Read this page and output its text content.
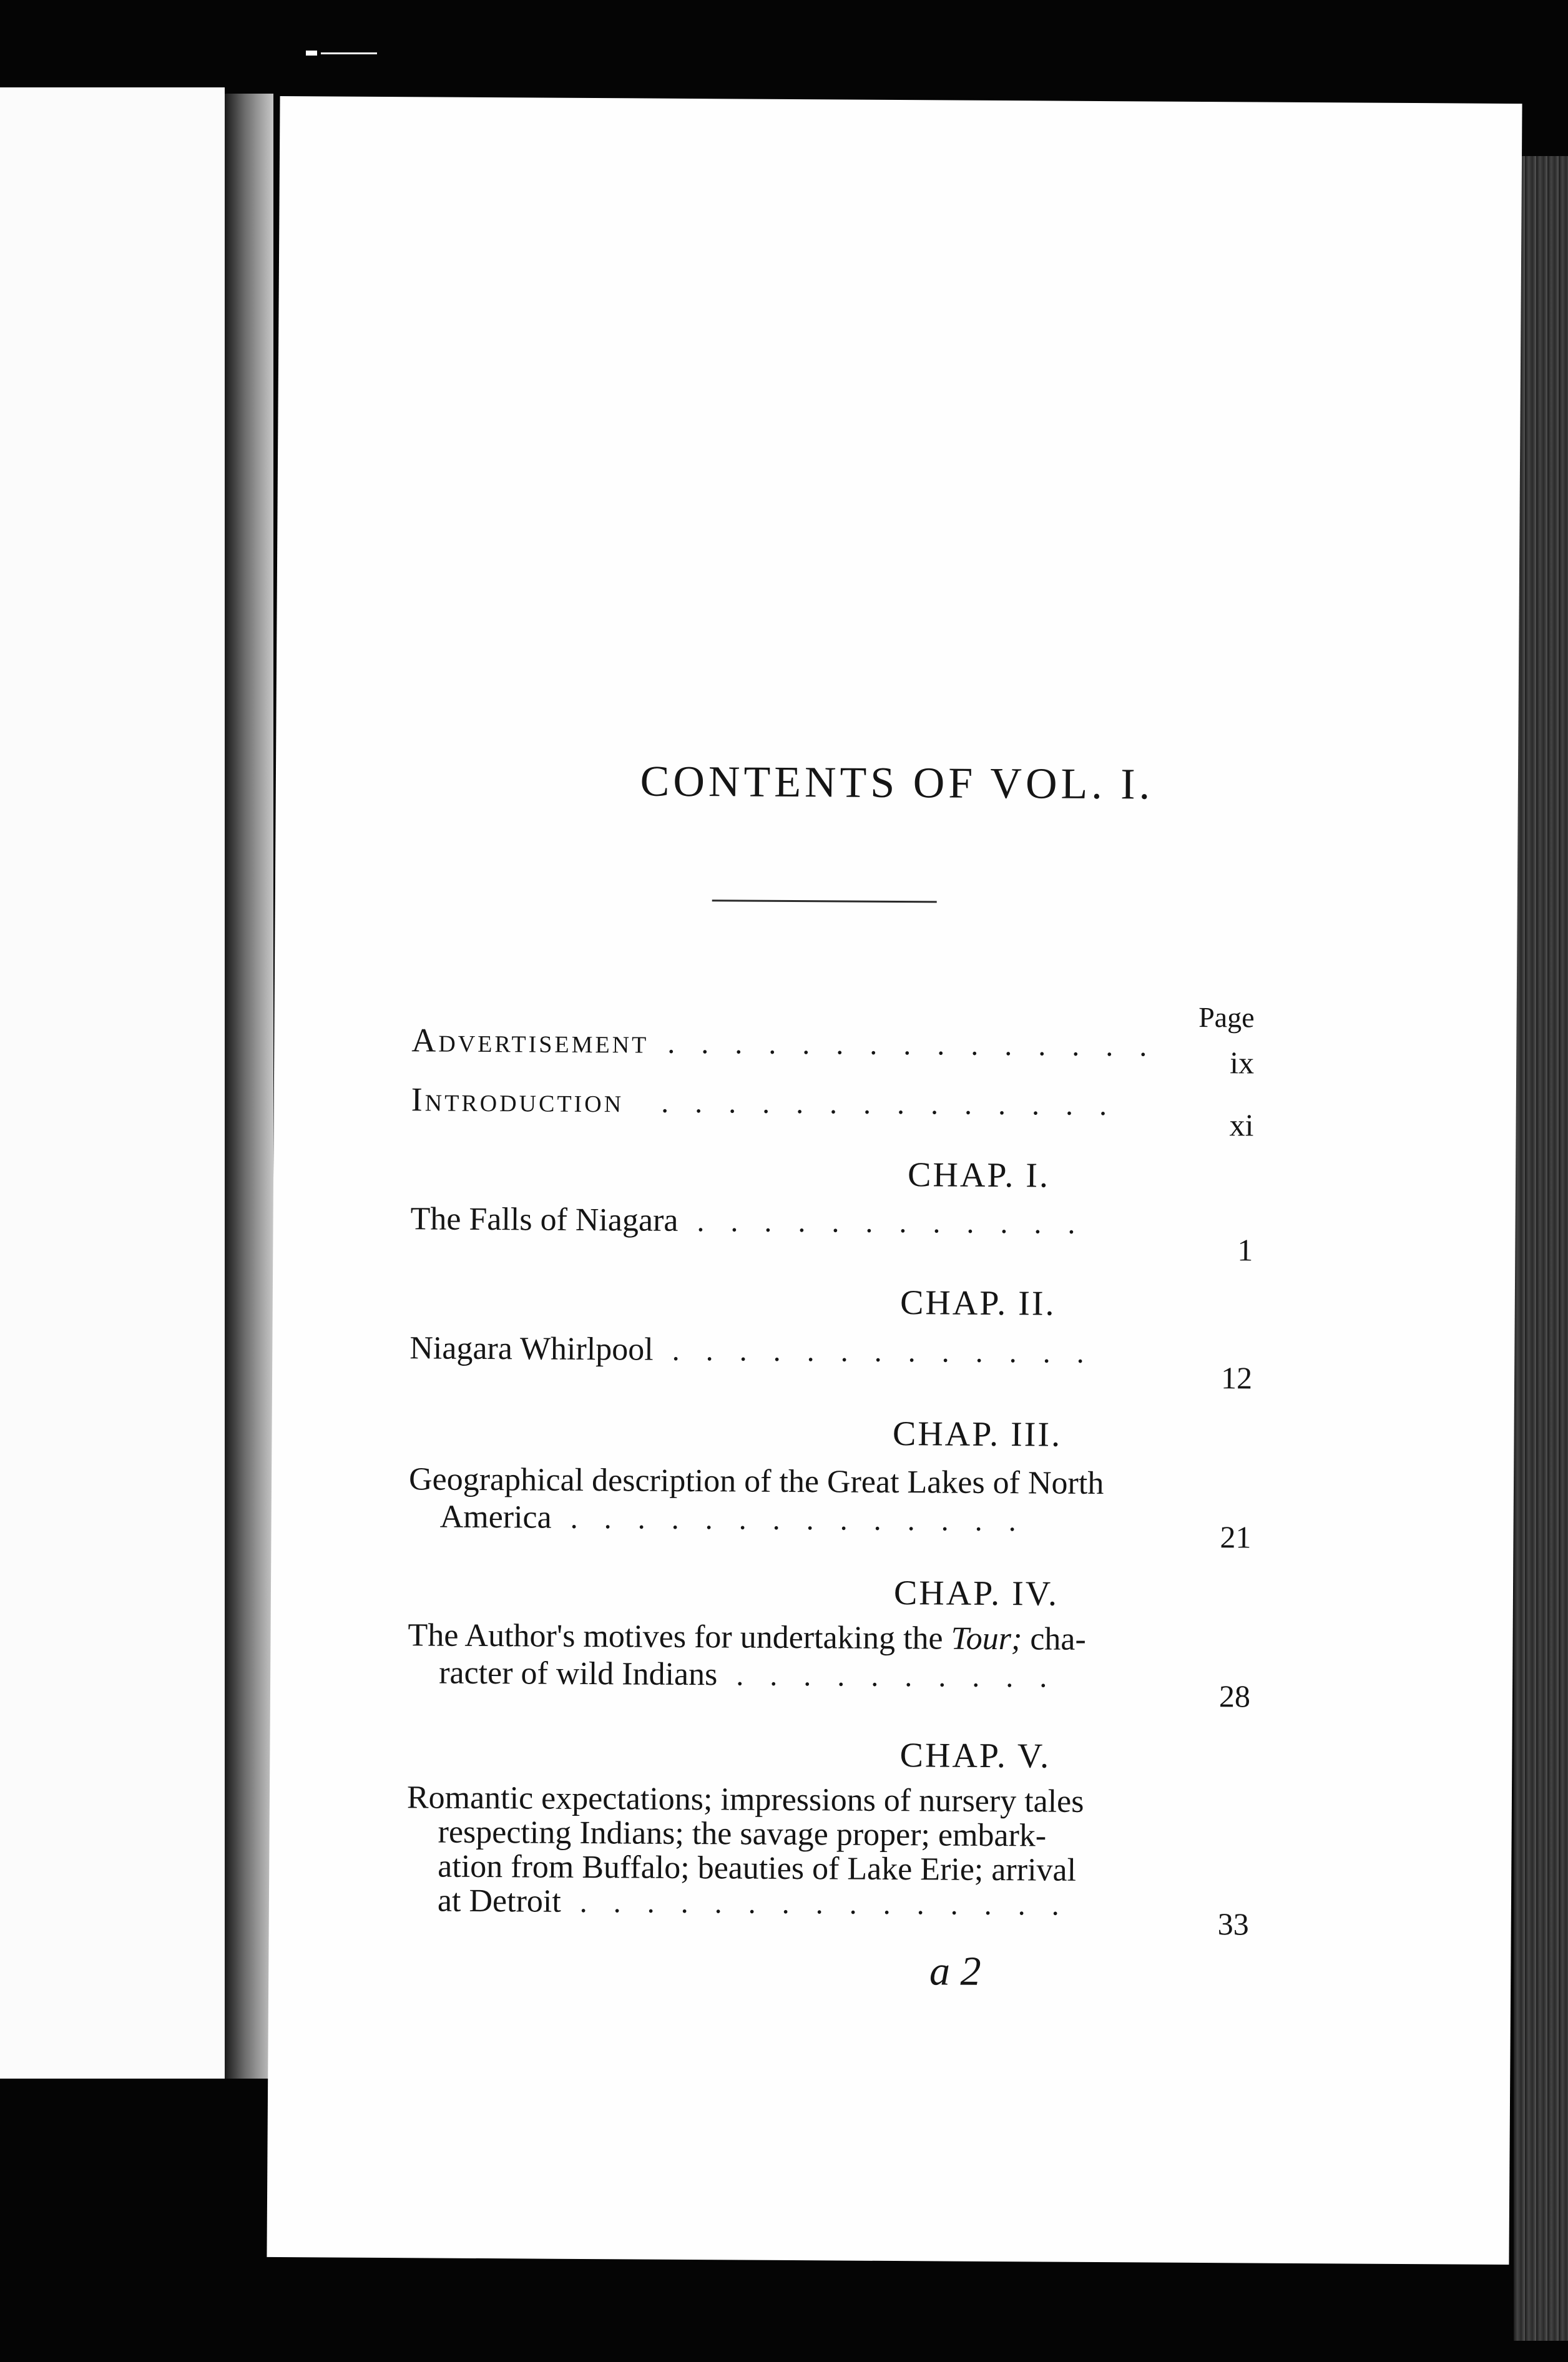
CONTENTS OF VOL. I.
Page
Advertisement ...............	ix
Introduction ..............
xi
CHAP. I.
The Falls of Niagara ............
1
CHAP. II.
Niagara Whirlpool .............
12
CHAP. III.
Geographical description of the Great Lakes of North
America ..............	21
CHAP. IV.
The Author's motives for undertaking the Tour; cha-
racter of wild Indians ..........
28
CHAP. V.
Romantic expectations; impressions of nursery tales
respecting Indians; the savage proper; embark-
ation from Buffalo; beauties of Lake Erie; arrival
at Detroit ...............
33
a 2
